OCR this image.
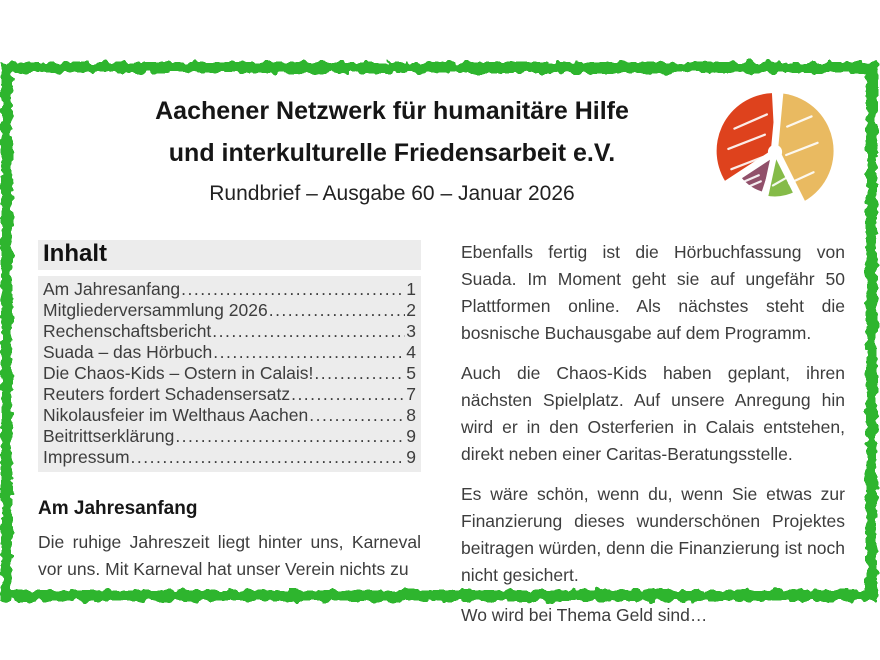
Aachener Netzwerk für humanitäre Hilfe
und interkulturelle Friedensarbeit e.V.
Rundbrief – Ausgabe 60 – Januar 2026
Inhalt
Am Jahresanfang .....	1
Mitgliederversammlung 2026 .....	2
Rechenschaftsbericht .....	3
Suada – das Hörbuch .....	4
Die Chaos-Kids – Ostern in Calais! .....	5
Reuters fordert Schadensersatz .....	7
Nikolausfeier im Welthaus Aachen .....	8
Beitrittserklärung .....	9
Impressum .....	9
Am Jahresanfang

Die ruhige Jahreszeit liegt hinter uns, Karneval vor uns. Mit Karneval hat unser Verein nichts zu

Ebenfalls fertig ist die Hörbuchfassung von Suada. Im Moment geht sie auf ungefähr 50 Plattformen online. Als nächstes steht die bosnische Buchausgabe auf dem Programm.

Auch die Chaos-Kids haben geplant, ihren nächsten Spielplatz. Auf unsere Anregung hin wird er in den Osterferien in Calais entstehen, direkt neben einer Caritas-Beratungsstelle.

Es wäre schön, wenn du, wenn Sie etwas zur Finanzierung dieses wunderschönen Projektes beitragen würden, denn die Finanzierung ist noch nicht gesichert.

Wo wird bei Thema Geld sind…
